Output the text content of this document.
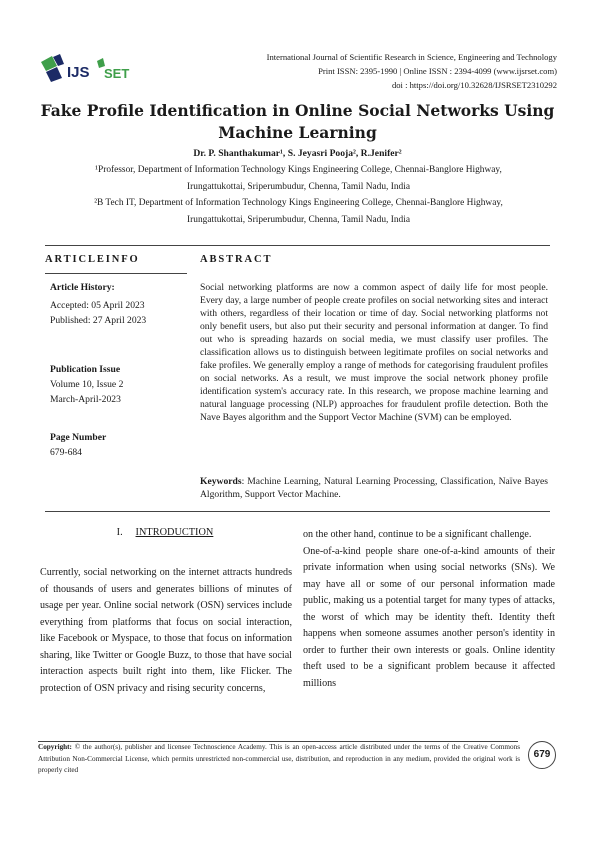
IJS SET
International Journal of Scientific Research in Science, Engineering and Technology
Print ISSN: 2395-1990 | Online ISSN : 2394-4099 (www.ijsrset.com)
doi : https://doi.org/10.32628/IJSRSET2310292
Fake Profile Identification in Online Social Networks Using
Machine Learning
Dr. P. Shanthakumar¹, S. Jeyasri Pooja², R.Jenifer²
¹Professor, Department of Information Technology Kings Engineering College, Chennai-Banglore Highway,
Irungattukottai, Sriperumbudur, Chenna, Tamil Nadu, India
²B Tech IT, Department of Information Technology Kings Engineering College, Chennai-Banglore Highway,
Irungattukottai, Sriperumbudur, Chenna, Tamil Nadu, India
ARTICLEINFO
Article History:
Accepted: 05 April 2023
Published: 27 April 2023
Publication Issue
Volume 10, Issue 2
March-April-2023
Page Number
679-684
ABSTRACT
Social networking platforms are now a common aspect of daily life for most people. Every day, a large number of people create profiles on social networking sites and interact with others, regardless of their location or time of day. Social networking platforms not only benefit users, but also put their security and personal information at danger. To find out who is spreading hazards on social media, we must classify user profiles. The classification allows us to distinguish between legitimate profiles on social networks and fake profiles. We generally employ a range of methods for categorising fraudulent profiles on social networks. As a result, we must improve the social network phoney profile identification system's accuracy rate. In this research, we propose machine learning and natural language processing (NLP) approaches for fraudulent profile detection. Both the Nave Bayes algorithm and the Support Vector Machine (SVM) can be employed.
Keywords: Machine Learning, Natural Learning Processing, Classification, Naïve Bayes Algorithm, Support Vector Machine.
I. INTRODUCTION

Currently, social networking on the internet attracts hundreds of thousands of users and generates billions of minutes of usage per year. Online social network (OSN) services include everything from platforms that focus on social interaction, like Facebook or Myspace, to those that focus on information sharing, like Twitter or Google Buzz, to those that have social interaction aspects built right into them, like Flicker. The protection of OSN privacy and rising security concerns,

on the other hand, continue to be a significant challenge.

One-of-a-kind people share one-of-a-kind amounts of their private information when using social networks (SNs). We may have all or some of our personal information made public, making us a potential target for many types of attacks, the worst of which may be identity theft. Identity theft happens when someone assumes another person's identity in order to further their own interests or goals. Online identity theft used to be a significant problem because it affected millions

Copyright: © the author(s), publisher and licensee Technoscience Academy. This is an open-access article distributed under the terms of the Creative Commons Attribution Non-Commercial License, which permits unrestricted non-commercial use, distribution, and reproduction in any medium, provided the original work is properly cited
679
